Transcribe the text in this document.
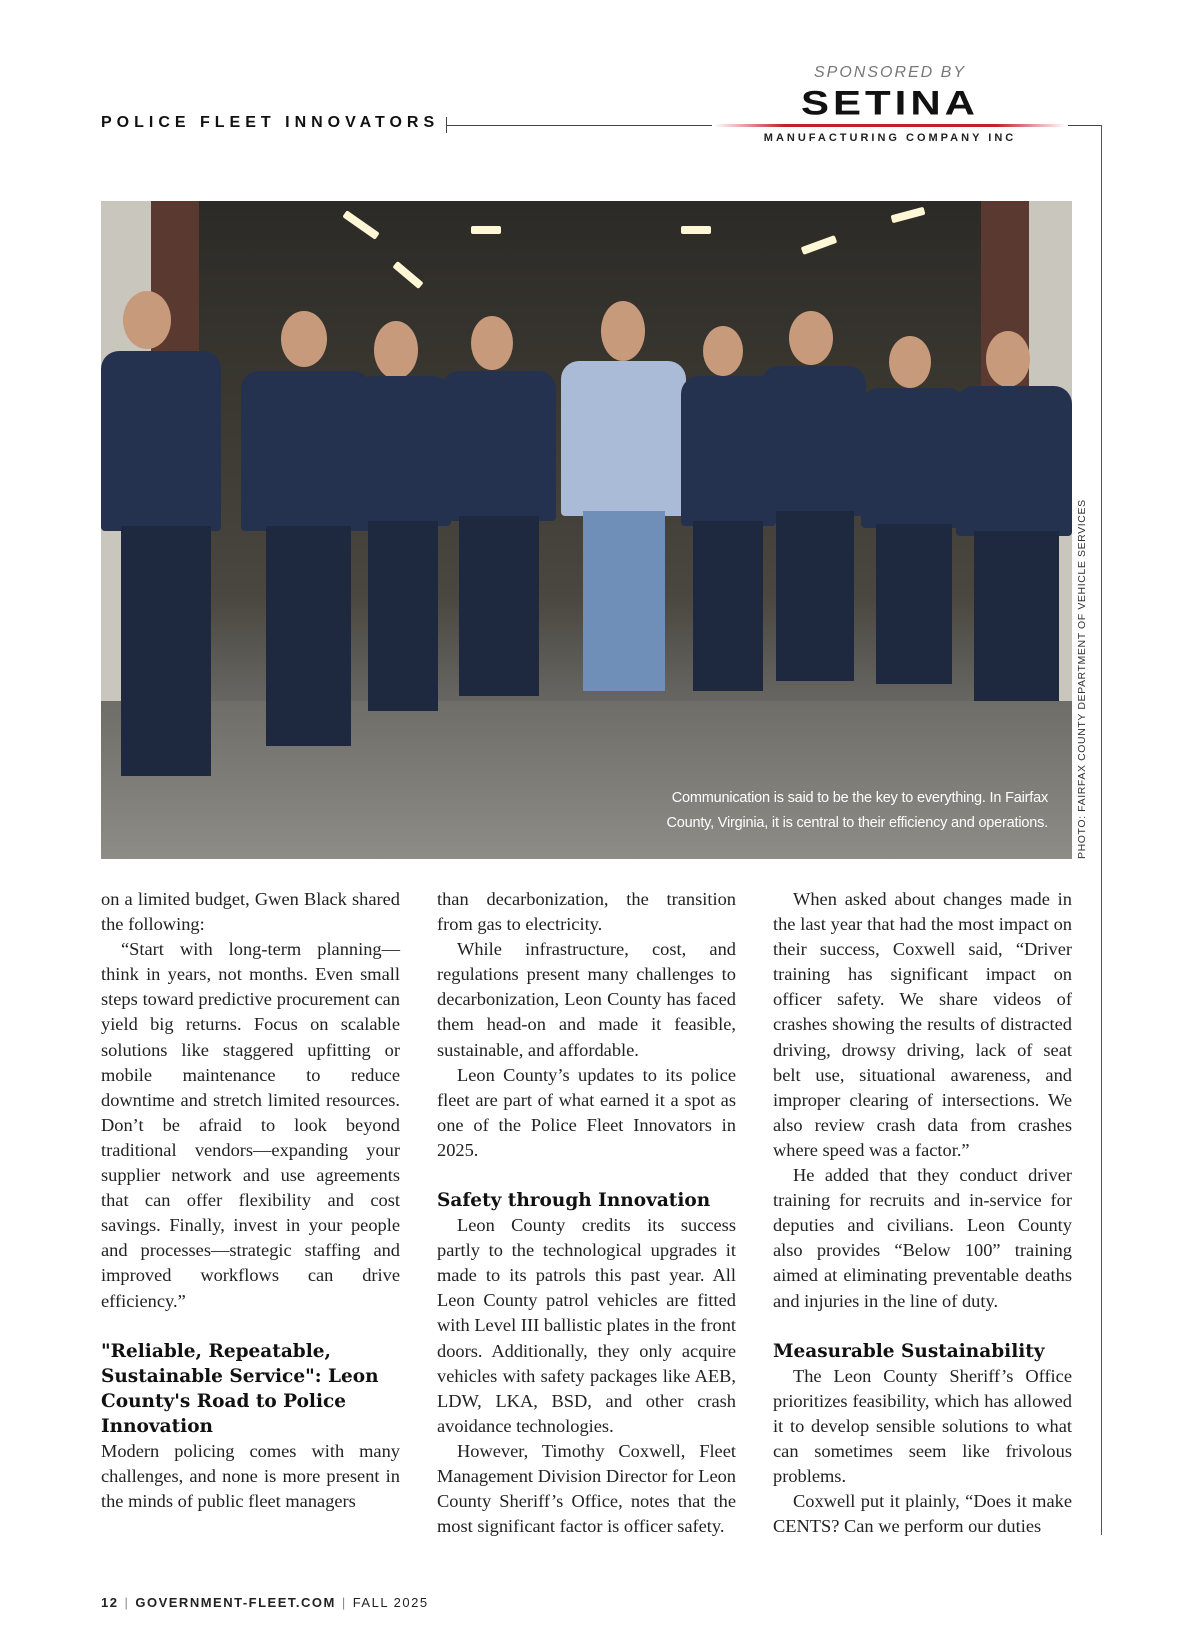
POLICE FLEET INNOVATORS
SPONSORED BY
SETINA
MANUFACTURING COMPANY INC
Communication is said to be the key to everything. In Fairfax
County, Virginia, it is central to their efficiency and operations.	PHOTO: FAIRFAX COUNTY DEPARTMENT OF VEHICLE SERVICES

on a limited budget, Gwen Black shared the following:

“Start with long-term planning—think in years, not months. Even small steps toward predictive procurement can yield big returns. Focus on scalable solutions like staggered upfitting or mobile maintenance to reduce downtime and stretch limited resources. Don’t be afraid to look beyond traditional vendors—expanding your supplier network and use agreements that can offer flexibility and cost savings. Finally, invest in your people and processes—strategic staffing and improved workflows can drive efficiency.”

"Reliable, Repeatable, Sustainable Service": Leon County's Road to Police Innovation

Modern policing comes with many challenges, and none is more present in the minds of public fleet managers

than decarbonization, the transition from gas to electricity.

While infrastructure, cost, and regulations present many challenges to decarbonization, Leon County has faced them head-on and made it feasible, sustainable, and affordable.

Leon County’s updates to its police fleet are part of what earned it a spot as one of the Police Fleet Innovators in 2025.

Safety through Innovation

Leon County credits its success partly to the technological upgrades it made to its patrols this past year. All Leon County patrol vehicles are fitted with Level III ballistic plates in the front doors. Additionally, they only acquire vehicles with safety packages like AEB, LDW, LKA, BSD, and other crash avoidance technologies.

However, Timothy Coxwell, Fleet Management Division Director for Leon County Sheriff’s Office, notes that the most significant factor is officer safety.

When asked about changes made in the last year that had the most impact on their success, Coxwell said, “Driver training has significant impact on officer safety. We share videos of crashes showing the results of distracted driving, drowsy driving, lack of seat belt use, situational awareness, and improper clearing of intersections. We also review crash data from crashes where speed was a factor.”

He added that they conduct driver training for recruits and in-service for deputies and civilians. Leon County also provides “Below 100” training aimed at eliminating preventable deaths and injuries in the line of duty.

Measurable Sustainability

The Leon County Sheriff’s Office prioritizes feasibility, which has allowed it to develop sensible solutions to what can sometimes seem like frivolous problems.

Coxwell put it plainly, “Does it make CENTS? Can we perform our duties

12 | GOVERNMENT-FLEET.COM | FALL 2025
